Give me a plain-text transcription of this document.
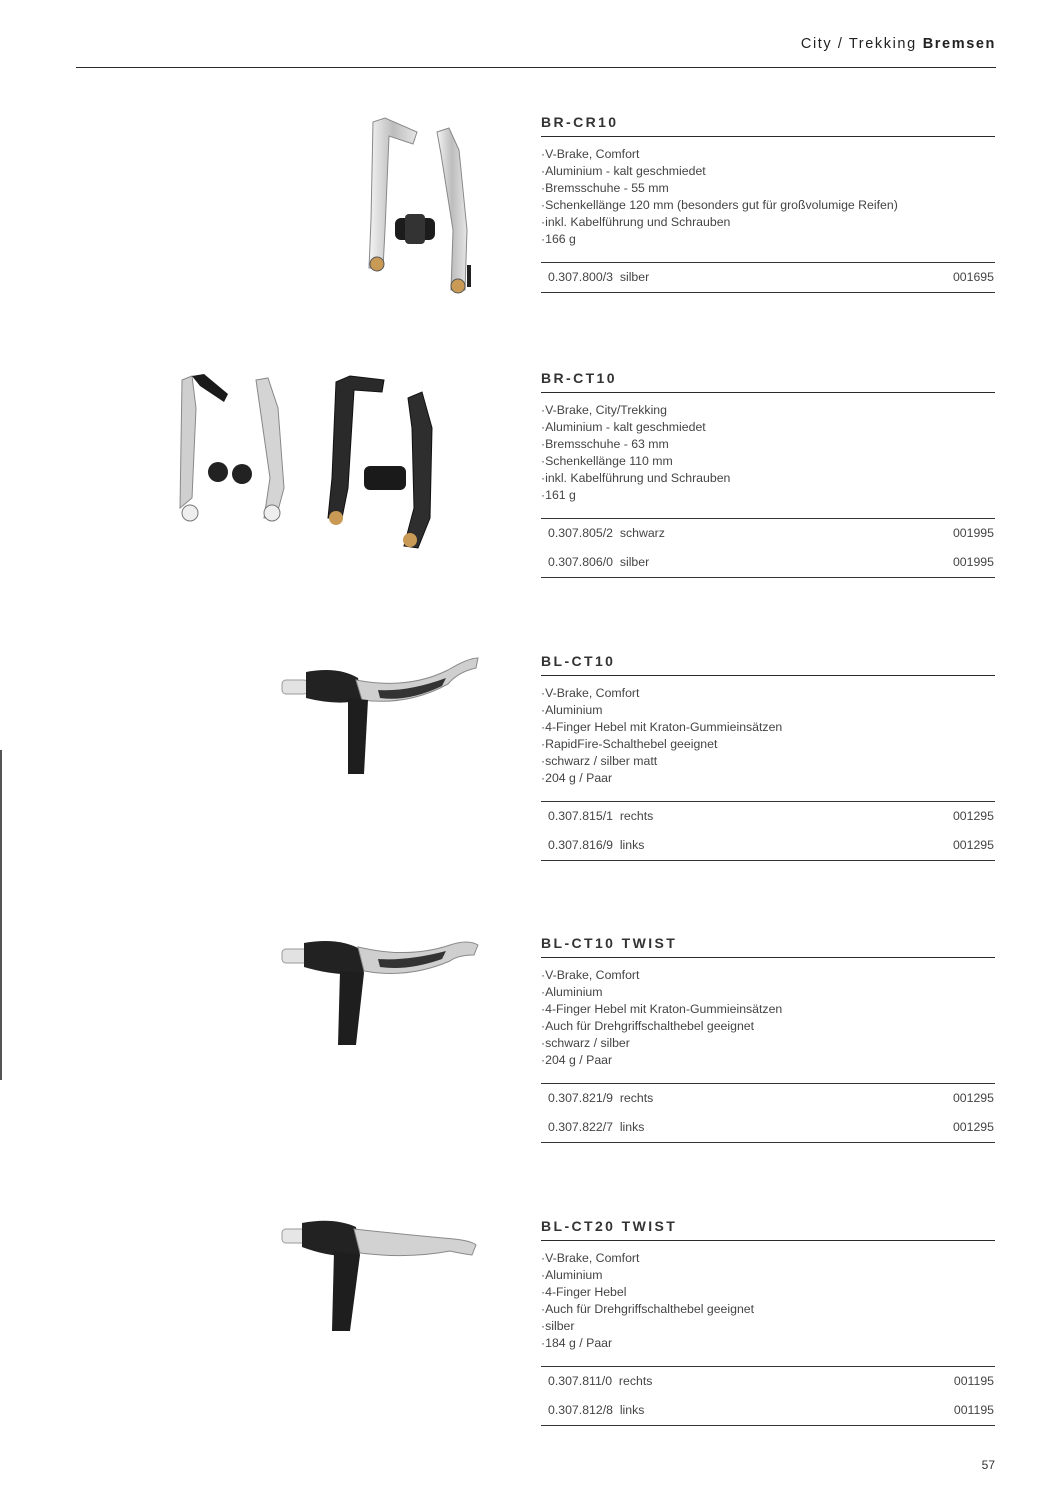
City / Trekking Bremsen
BR-CR10
· V-Brake, Comfort
· Aluminium - kalt geschmiedet
· Bremsschuhe - 55 mm
· Schenkellänge 120 mm (besonders gut für großvolumige Reifen)
· inkl. Kabelführung und Schrauben
· 166 g
0.307.800/3 silber	001695
BR-CT10
· V-Brake, City/Trekking
· Aluminium - kalt geschmiedet
· Bremsschuhe - 63 mm
· Schenkellänge 110 mm
· inkl. Kabelführung und Schrauben
· 161 g
0.307.805/2 schwarz	001995
0.307.806/0 silber	001995
BL-CT10
· V-Brake, Comfort
· Aluminium
· 4-Finger Hebel mit Kraton-Gummieinsätzen
· RapidFire-Schalthebel geeignet
· schwarz / silber matt
· 204 g / Paar
0.307.815/1 rechts	001295
0.307.816/9 links	001295
BL-CT10 TWIST
· V-Brake, Comfort
· Aluminium
· 4-Finger Hebel mit Kraton-Gummieinsätzen
· Auch für Drehgriffschalthebel geeignet
· schwarz / silber
· 204 g / Paar
0.307.821/9 rechts	001295
0.307.822/7 links	001295
BL-CT20 TWIST
· V-Brake, Comfort
· Aluminium
· 4-Finger Hebel
· Auch für Drehgriffschalthebel geeignet
· silber
· 184 g / Paar
0.307.811/0 rechts	001195
0.307.812/8 links	001195
57
